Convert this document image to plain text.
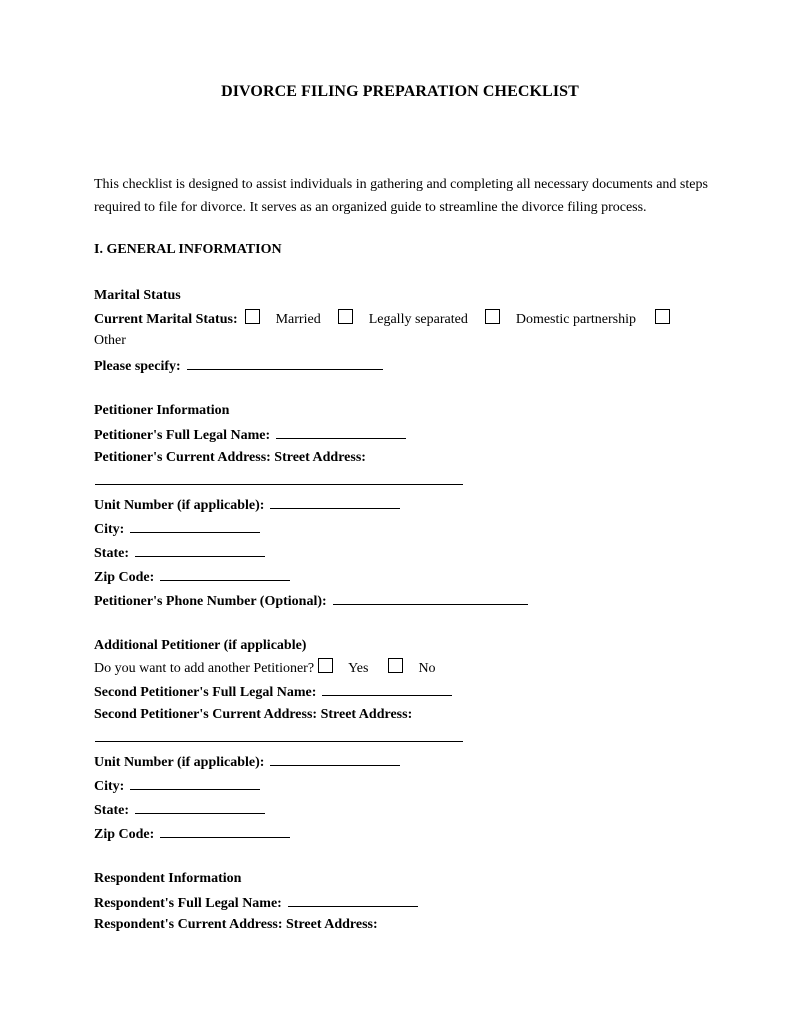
DIVORCE FILING PREPARATION CHECKLIST
This checklist is designed to assist individuals in gathering and completing all necessary documents and steps required to file for divorce. It serves as an organized guide to streamline the divorce filing process.
I. GENERAL INFORMATION
Marital Status
Current Marital Status:	Married	Legally separated	Domestic partnership
Other
Please specify:
Petitioner Information
Petitioner's Full Legal Name:
Petitioner's Current Address: Street Address:
Unit Number (if applicable):
City:
State:
Zip Code:
Petitioner's Phone Number (Optional):
Additional Petitioner (if applicable)
Do you want to add another Petitioner? Yes	No
Second Petitioner's Full Legal Name:
Second Petitioner's Current Address: Street Address:
Unit Number (if applicable):
City:
State:
Zip Code:
Respondent Information
Respondent's Full Legal Name:
Respondent's Current Address: Street Address:
